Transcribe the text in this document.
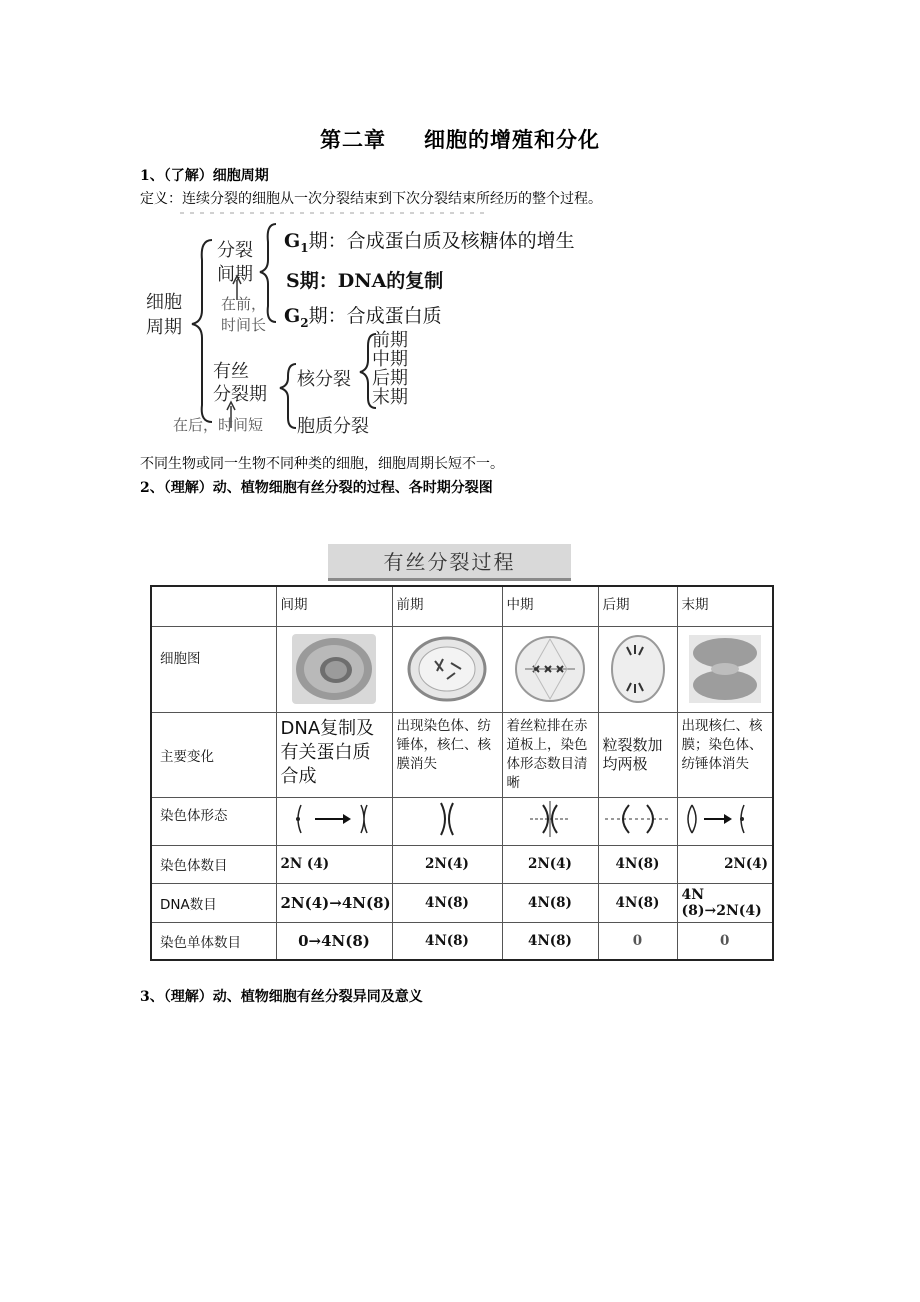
第二章 细胞的增殖和分化
1、（了解）细胞周期
定义：连续分裂的细胞从一次分裂结束到下次分裂结束所经历的整个过程。
细胞
周期
分裂
间期
在前，
时间长
$G_1$期：合成蛋白质及核糖体的增生
S期：DNA的复制
$G_2$期：合成蛋白质
有丝
分裂期
在后，时间短
核分裂
前期
中期
后期
末期
胞质分裂
不同生物或同一生物不同种类的细胞，细胞周期长短不一。
2、（理解）动、植物细胞有丝分裂的过程、各时期分裂图
有丝分裂过程
	间期	前期	中期	后期	末期
细胞图	

主要变化	DNA复制及有关蛋白质合成	出现染色体、纺锤体，核仁、核膜消失	着丝粒排在赤道板上，染色体形态数目清晰	粒裂数加均两极	出现核仁、核膜；染色体、纺锤体消失
染色体形态					
染色体数目	2N (4)	2N(4)	2N(4)	4N(8)	2N(4)
DNA数目	2N(4)→4N(8)	4N(8)	4N(8)	4N(8)	4N (8)→2N(4)
染色单体数目	0→4N(8)	4N(8)	4N(8)	0	0
3、（理解）动、植物细胞有丝分裂异同及意义
